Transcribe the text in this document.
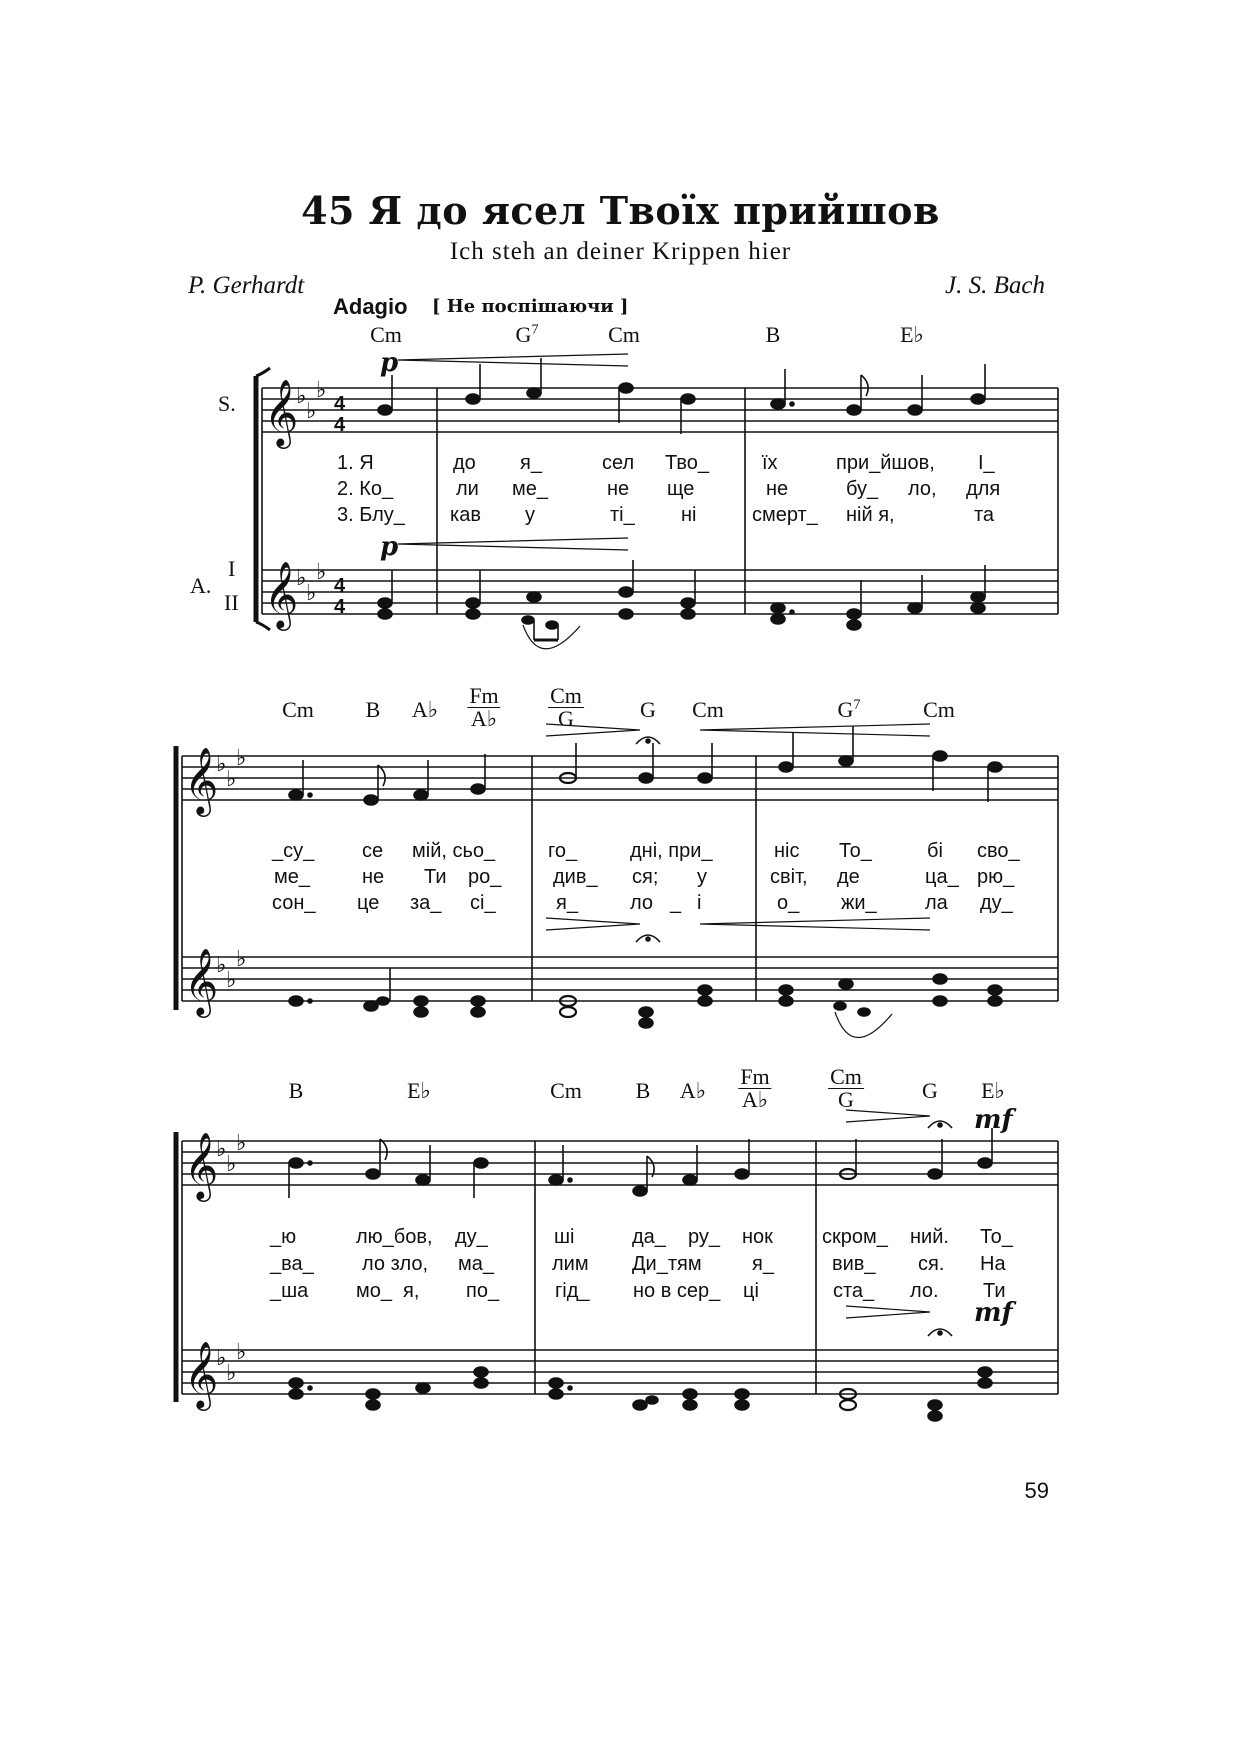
45 Я до ясел Твоїх прийшов
Ich steh an deiner Krippen hier
P. Gerhardt	J. S. Bach
Adagio [ Не поспішаючи ]
S.
A.
I
II
p
p
mf
mf
Cm	$G^7$	Cm	B	E♭
1. Я	до я_	сел Тво_	їх	при_йшов, І_
2. Ко_	ли ме_	не ще	не	бу_ ло, для
3. Блу_ кав у	ті_ ні	смерт_ ній я,	та
Cm B A♭ $\frac{Fm}{A♭} \frac{Cm}{G}$	G Cm	$G^7$	Cm
_су_ се мій, сьо_	го_	дні, при_	ніс То_	бі сво_
ме_	не Ти ро_	див_ ся; у	світ, де	ца_ рю_
сон_ це за_ сі_	я_	ло _ і	о_ жи_ ла ду_
B	E♭	Cm B A♭ $\frac{Fm}{A♭}$	$\frac{Cm}{G}$	G E♭
_ю	лю_бов, ду_	ші	да_ ру_ нок скром_ ний. То_
_ва_ ло зло, ма_	лим Ди_тям	я_	вив_ ся. На
_ша мо_ я, по_	гід_ но в сер_ ці	ста_ ло. Ти
59
𝄞
𝄞
♭
♭
♭
♭
♭
♭
4
4
4
4
𝄞
𝄞
♭
♭
♭
♭
♭
♭
𝄞
𝄞
♭
♭
♭
♭
♭
♭
